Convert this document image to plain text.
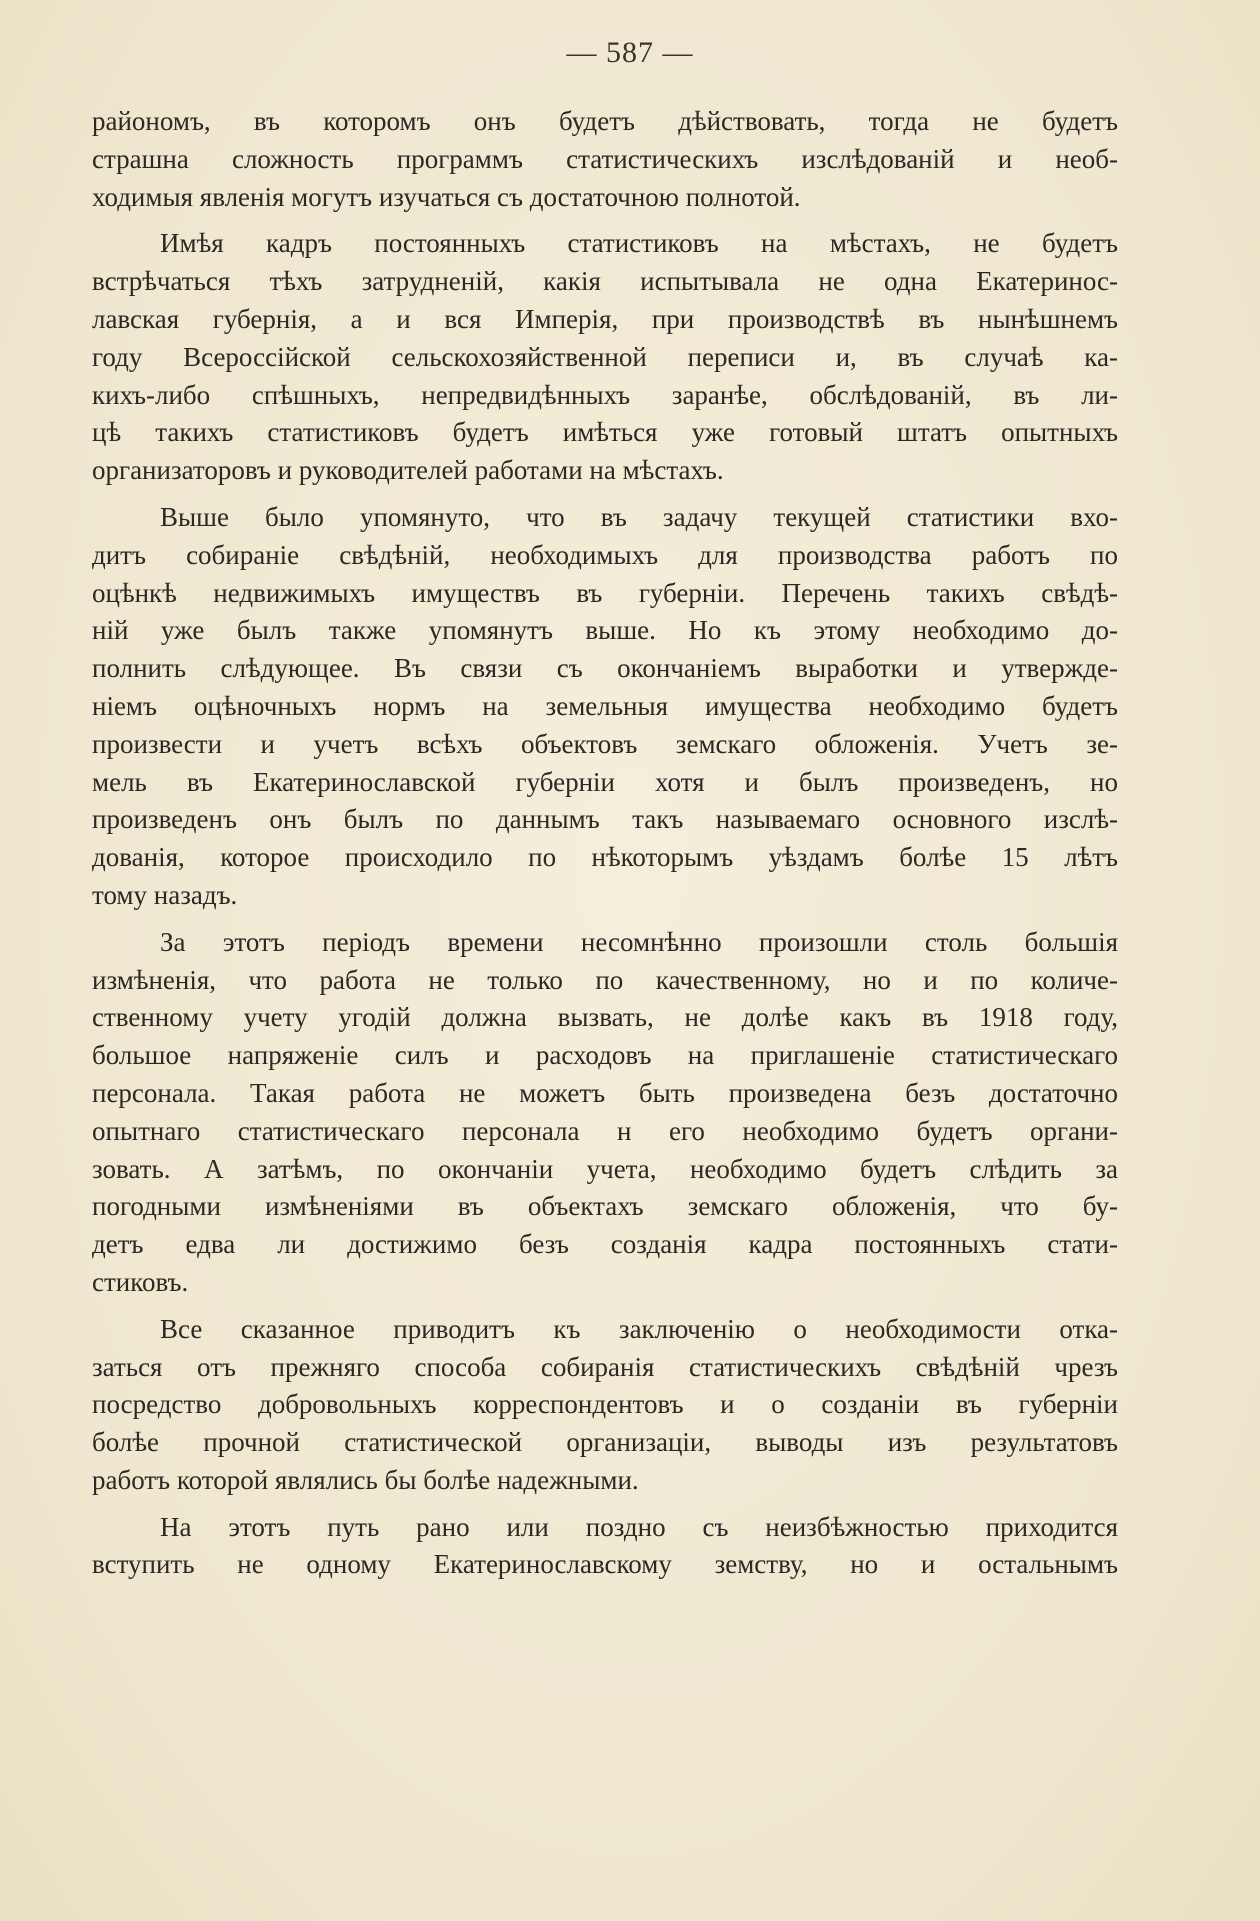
— 587 —
райономъ, въ которомъ онъ будетъ дѣйствовать, тогда не будетъ
страшна сложность программъ статистическихъ изслѣдованій и необ-
ходимыя явленія могутъ изучаться съ достаточною полнотой.
Имѣя кадръ постоянныхъ статистиковъ на мѣстахъ, не будетъ
встрѣчаться тѣхъ затрудненій, какія испытывала не одна Екатеринос-
лавская губернія, а и вся Имперія, при производствѣ въ нынѣшнемъ
году Всероссійской сельскохозяйственной переписи и, въ случаѣ ка-
кихъ-либо спѣшныхъ, непредвидѣнныхъ заранѣе, обслѣдованій, въ ли-
цѣ такихъ статистиковъ будетъ имѣться уже готовый штатъ опытныхъ
организаторовъ и руководителей работами на мѣстахъ.
Выше было упомянуто, что въ задачу текущей статистики вхо-
дитъ собираніе свѣдѣній, необходимыхъ для производства работъ по
оцѣнкѣ недвижимыхъ имуществъ въ губерніи. Перечень такихъ свѣдѣ-
ній уже былъ также упомянутъ выше. Но къ этому необходимо до-
полнить слѣдующее. Въ связи съ окончаніемъ выработки и утвержде-
ніемъ оцѣночныхъ нормъ на земельныя имущества необходимо будетъ
произвести и учетъ всѣхъ объектовъ земскаго обложенія. Учетъ зе-
мель въ Екатеринославской губерніи хотя и былъ произведенъ, но
произведенъ онъ былъ по даннымъ такъ называемаго основного изслѣ-
дованія, которое происходило по нѣкоторымъ уѣздамъ болѣе 15 лѣтъ
тому назадъ.
За этотъ періодъ времени несомнѣнно произошли столь большія
измѣненія, что работа не только по качественному, но и по количе-
ственному учету угодій должна вызвать, не долѣе какъ въ 1918 году,
большое напряженіе силъ и расходовъ на приглашеніе статистическаго
персонала. Такая работа не можетъ быть произведена безъ достаточно
опытнаго статистическаго персонала н его необходимо будетъ органи-
зовать. А затѣмъ, по окончаніи учета, необходимо будетъ слѣдить за
погодными измѣненіями въ объектахъ земскаго обложенія, что бу-
детъ едва ли достижимо безъ созданія кадра постоянныхъ стати-
стиковъ.
Все сказанное приводитъ къ заключенію о необходимости отка-
заться отъ прежняго способа собиранія статистическихъ свѣдѣній чрезъ
посредство добровольныхъ корреспондентовъ и о созданіи въ губерніи
болѣе прочной статистической организаціи, выводы изъ результатовъ
работъ которой являлись бы болѣе надежными.
На этотъ путь рано или поздно съ неизбѣжностью приходится
вступить не одному Екатеринославскому земству, но и остальнымъ
